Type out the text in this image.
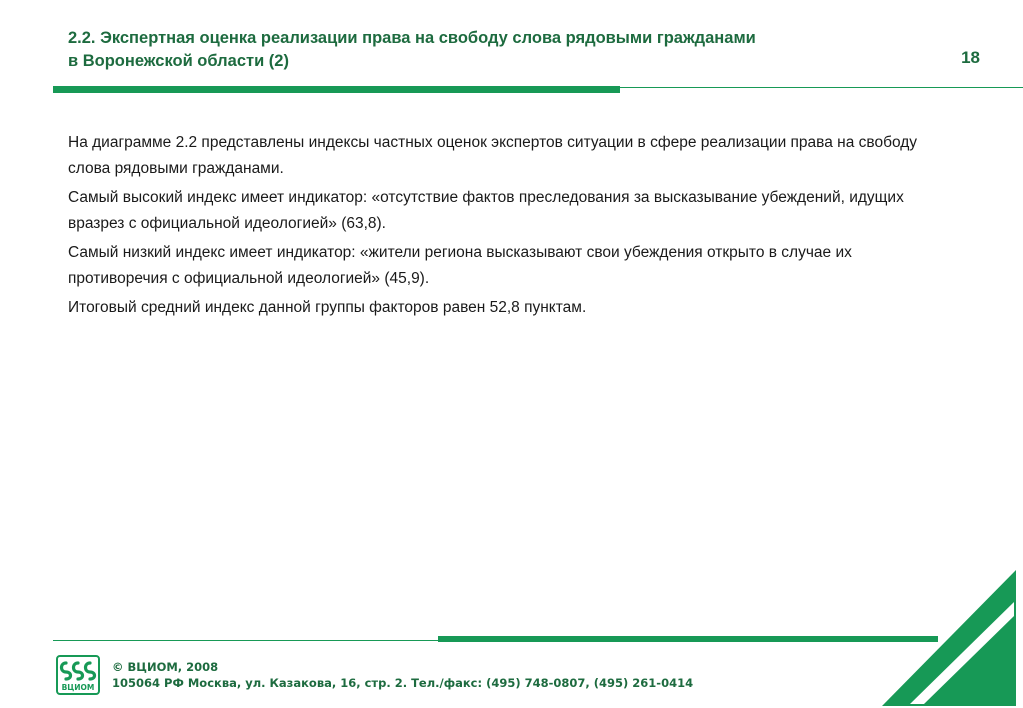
2.2. Экспертная оценка реализации права на свободу слова рядовыми гражданами
в Воронежской области (2)	18

На диаграмме 2.2 представлены индексы частных оценок экспертов ситуации в сфере реализации права на свободу слова рядовыми гражданами.

Самый высокий индекс имеет индикатор: «отсутствие фактов преследования за высказывание убеждений, идущих вразрез с официальной идеологией» (63,8).

Самый низкий индекс имеет индикатор: «жители региона высказывают свои убеждения открыто в случае их противоречия с официальной идеологией» (45,9).

Итоговый средний индекс данной группы факторов равен 52,8 пунктам.

ВЦИОМ
© ВЦИОМ, 2008
105064 РФ Москва, ул. Казакова, 16, стр. 2. Тел./факс: (495) 748-0807, (495) 261-0414
